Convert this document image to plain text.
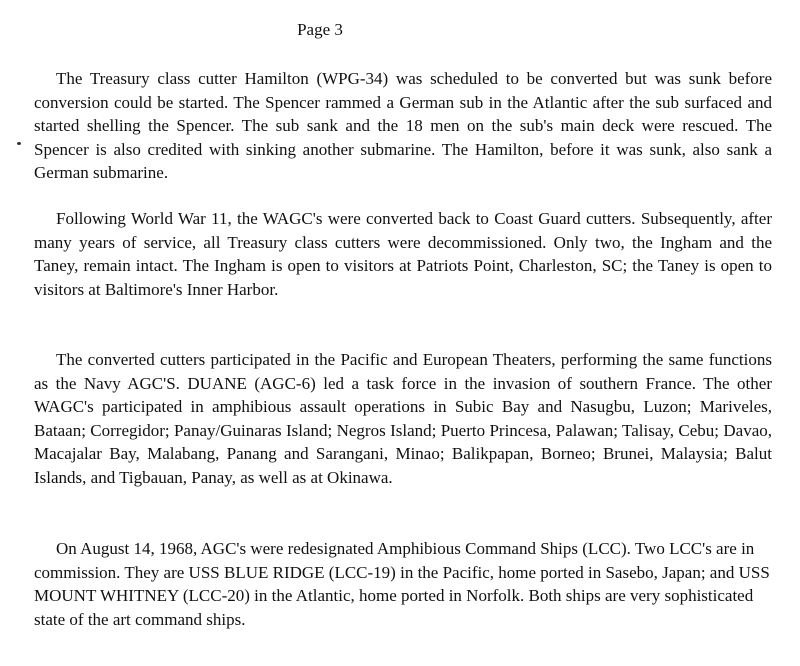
Page 3

The Treasury class cutter Hamilton (WPG-34) was scheduled to be converted but was sunk before conversion could be started. The Spencer rammed a German sub in the Atlantic after the sub surfaced and started shelling the Spencer. The sub sank and the 18 men on the sub's main deck were rescued. The Spencer is also credited with sinking another submarine. The Hamilton, before it was sunk, also sank a German submarine.

Following World War 11, the WAGC's were converted back to Coast Guard cutters. Subsequently, after many years of service, all Treasury class cutters were decommissioned. Only two, the Ingham and the Taney, remain intact. The Ingham is open to visitors at Patriots Point, Charleston, SC; the Taney is open to visitors at Baltimore's Inner Harbor.

The converted cutters participated in the Pacific and European Theaters, performing the same functions as the Navy AGC'S. DUANE (AGC-6) led a task force in the invasion of southern France. The other WAGC's participated in amphibious assault operations in Subic Bay and Nasugbu, Luzon; Mariveles, Bataan; Corregidor; Panay/Guinaras Island; Negros Island; Puerto Princesa, Palawan; Talisay, Cebu; Davao, Macajalar Bay, Malabang, Panang and Sarangani, Minao; Balikpapan, Borneo; Brunei, Malaysia; Balut Islands, and Tigbauan, Panay, as well as at Okinawa.

On August 14, 1968, AGC's were redesignated Amphibious Command Ships (LCC). Two LCC's are in commission. They are USS BLUE RIDGE (LCC-19) in the Pacific, home ported in Sasebo, Japan; and USS MOUNT WHITNEY (LCC-20) in the Atlantic, home ported in Norfolk. Both ships are very sophisticated state of the art command ships.
